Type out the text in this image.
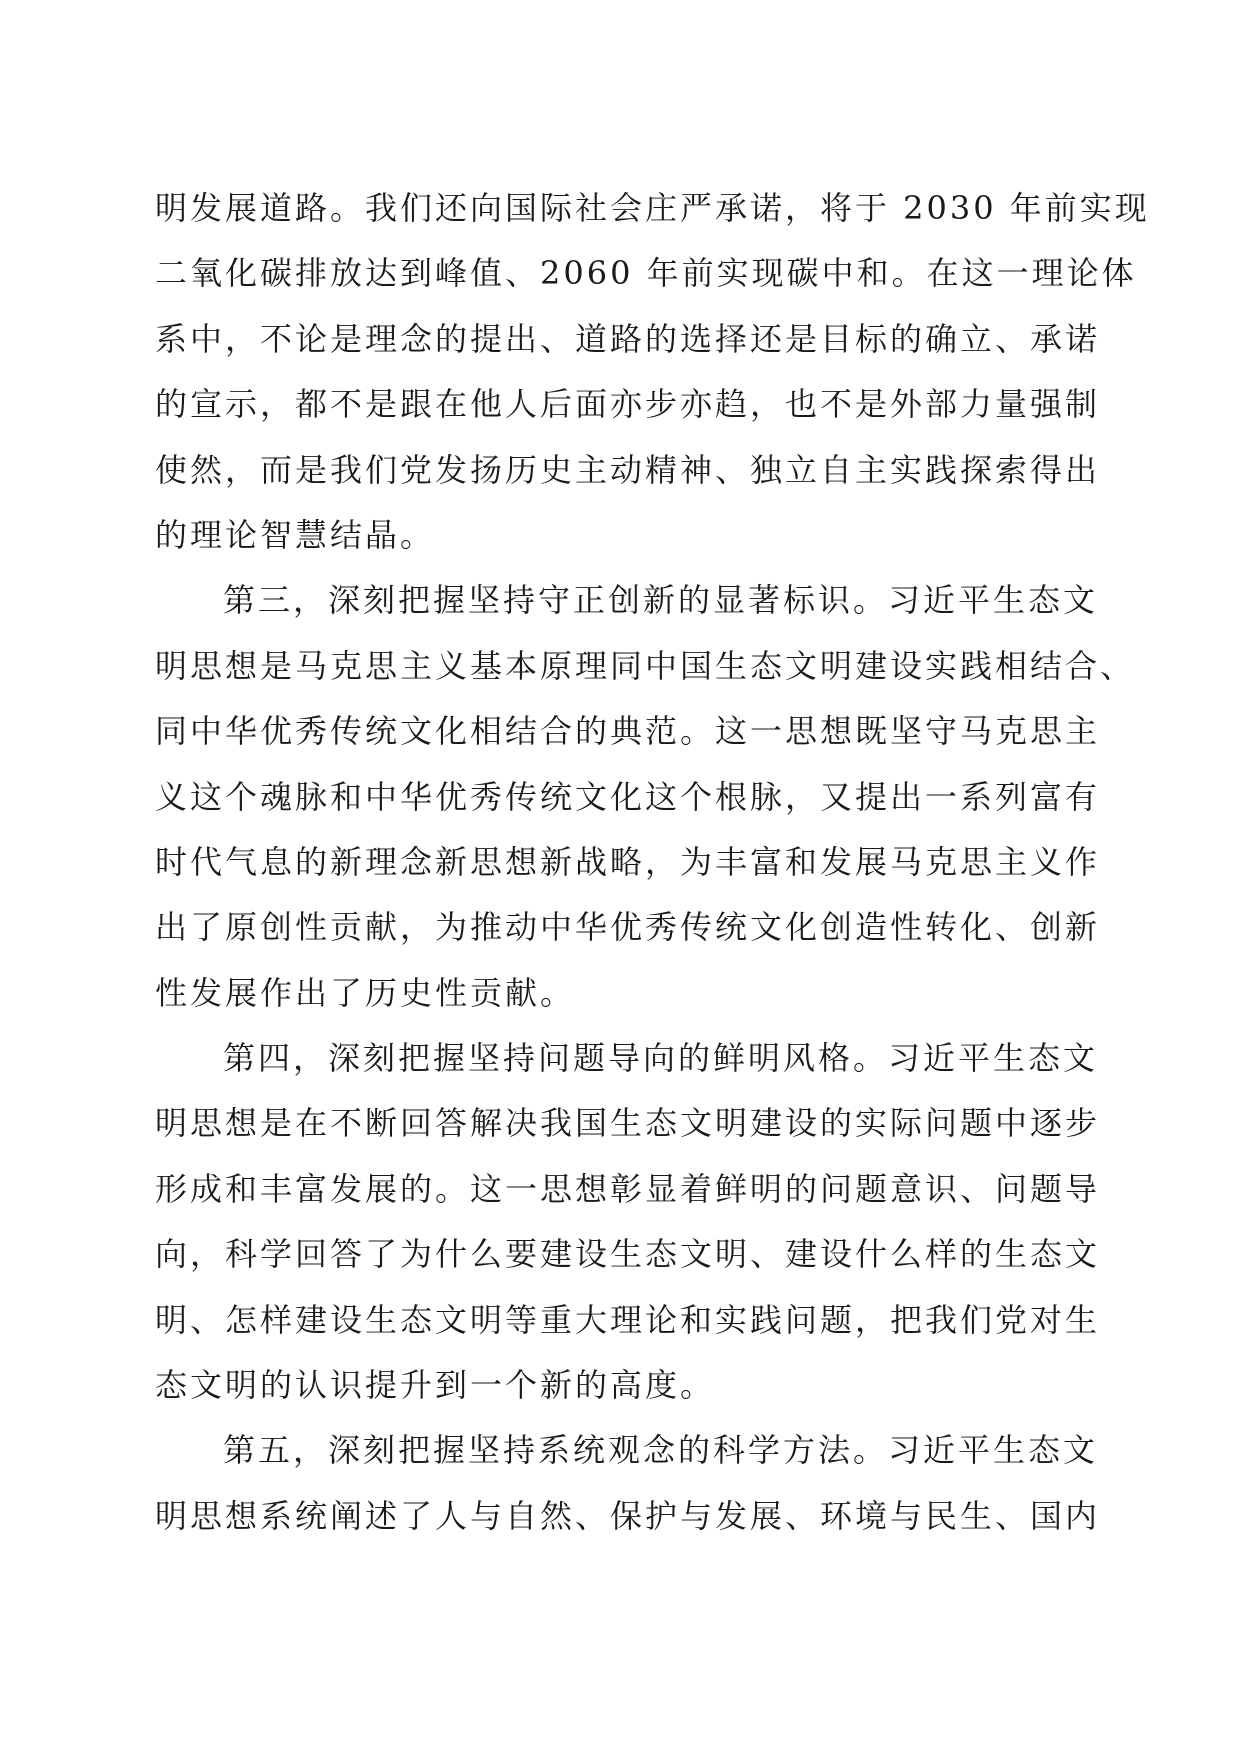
明发展道路。我们还向国际社会庄严承诺，将于 2030 年前实现
二氧化碳排放达到峰值、2060 年前实现碳中和。在这一理论体
系中，不论是理念的提出、道路的选择还是目标的确立、承诺
的宣示，都不是跟在他人后面亦步亦趋，也不是外部力量强制
使然，而是我们党发扬历史主动精神、独立自主实践探索得出
的理论智慧结晶。
第三，深刻把握坚持守正创新的显著标识。习近平生态文
明思想是马克思主义基本原理同中国生态文明建设实践相结合、
同中华优秀传统文化相结合的典范。这一思想既坚守马克思主
义这个魂脉和中华优秀传统文化这个根脉，又提出一系列富有
时代气息的新理念新思想新战略，为丰富和发展马克思主义作
出了原创性贡献，为推动中华优秀传统文化创造性转化、创新
性发展作出了历史性贡献。
第四，深刻把握坚持问题导向的鲜明风格。习近平生态文
明思想是在不断回答解决我国生态文明建设的实际问题中逐步
形成和丰富发展的。这一思想彰显着鲜明的问题意识、问题导
向，科学回答了为什么要建设生态文明、建设什么样的生态文
明、怎样建设生态文明等重大理论和实践问题，把我们党对生
态文明的认识提升到一个新的高度。
第五，深刻把握坚持系统观念的科学方法。习近平生态文
明思想系统阐述了人与自然、保护与发展、环境与民生、国内
